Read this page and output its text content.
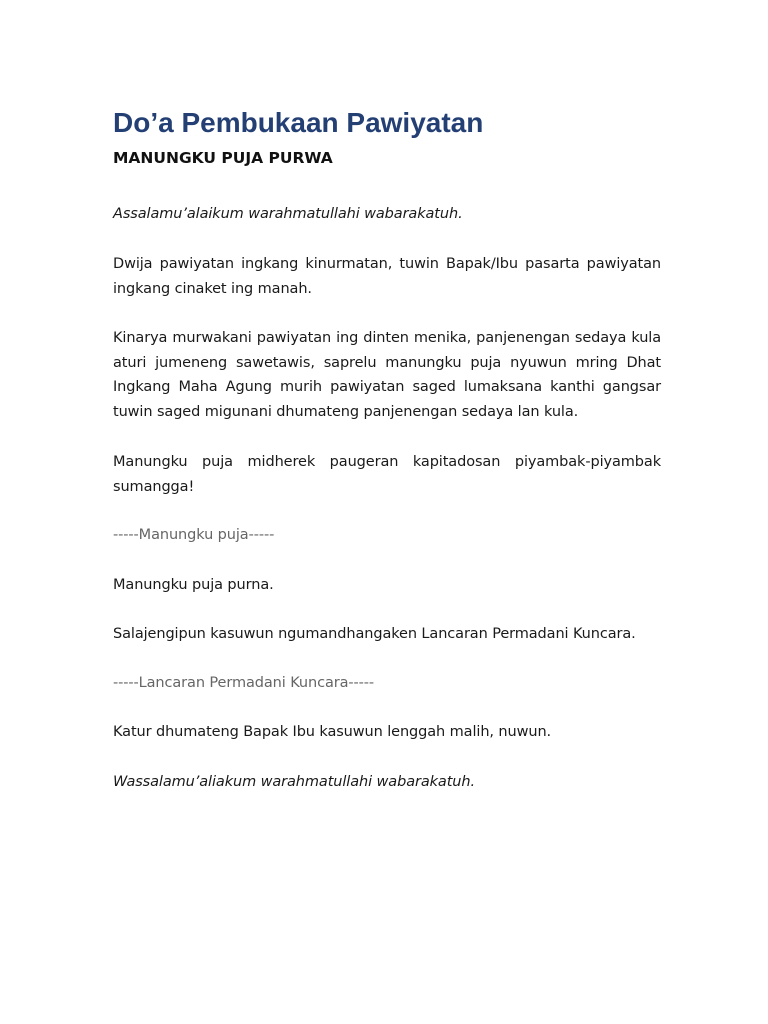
Do’a Pembukaan Pawiyatan
MANUNGKU PUJA PURWA

Assalamu’alaikum warahmatullahi wabarakatuh.

Dwija pawiyatan ingkang kinurmatan, tuwin Bapak/Ibu pasarta pawiyatan ingkang cinaket ing manah.

Kinarya murwakani pawiyatan ing dinten menika, panjenengan sedaya kula aturi jumeneng sawetawis, saprelu manungku puja nyuwun mring Dhat Ingkang Maha Agung murih pawiyatan saged lumaksana kanthi gangsar tuwin saged migunani dhumateng panjenengan sedaya lan kula.

Manungku puja midherek paugeran kapitadosan piyambak-piyambak sumangga!

-----Manungku puja-----

Manungku puja purna.

Salajengipun kasuwun ngumandhangaken Lancaran Permadani Kuncara.

-----Lancaran Permadani Kuncara-----

Katur dhumateng Bapak Ibu kasuwun lenggah malih, nuwun.

Wassalamu’aliakum warahmatullahi wabarakatuh.
